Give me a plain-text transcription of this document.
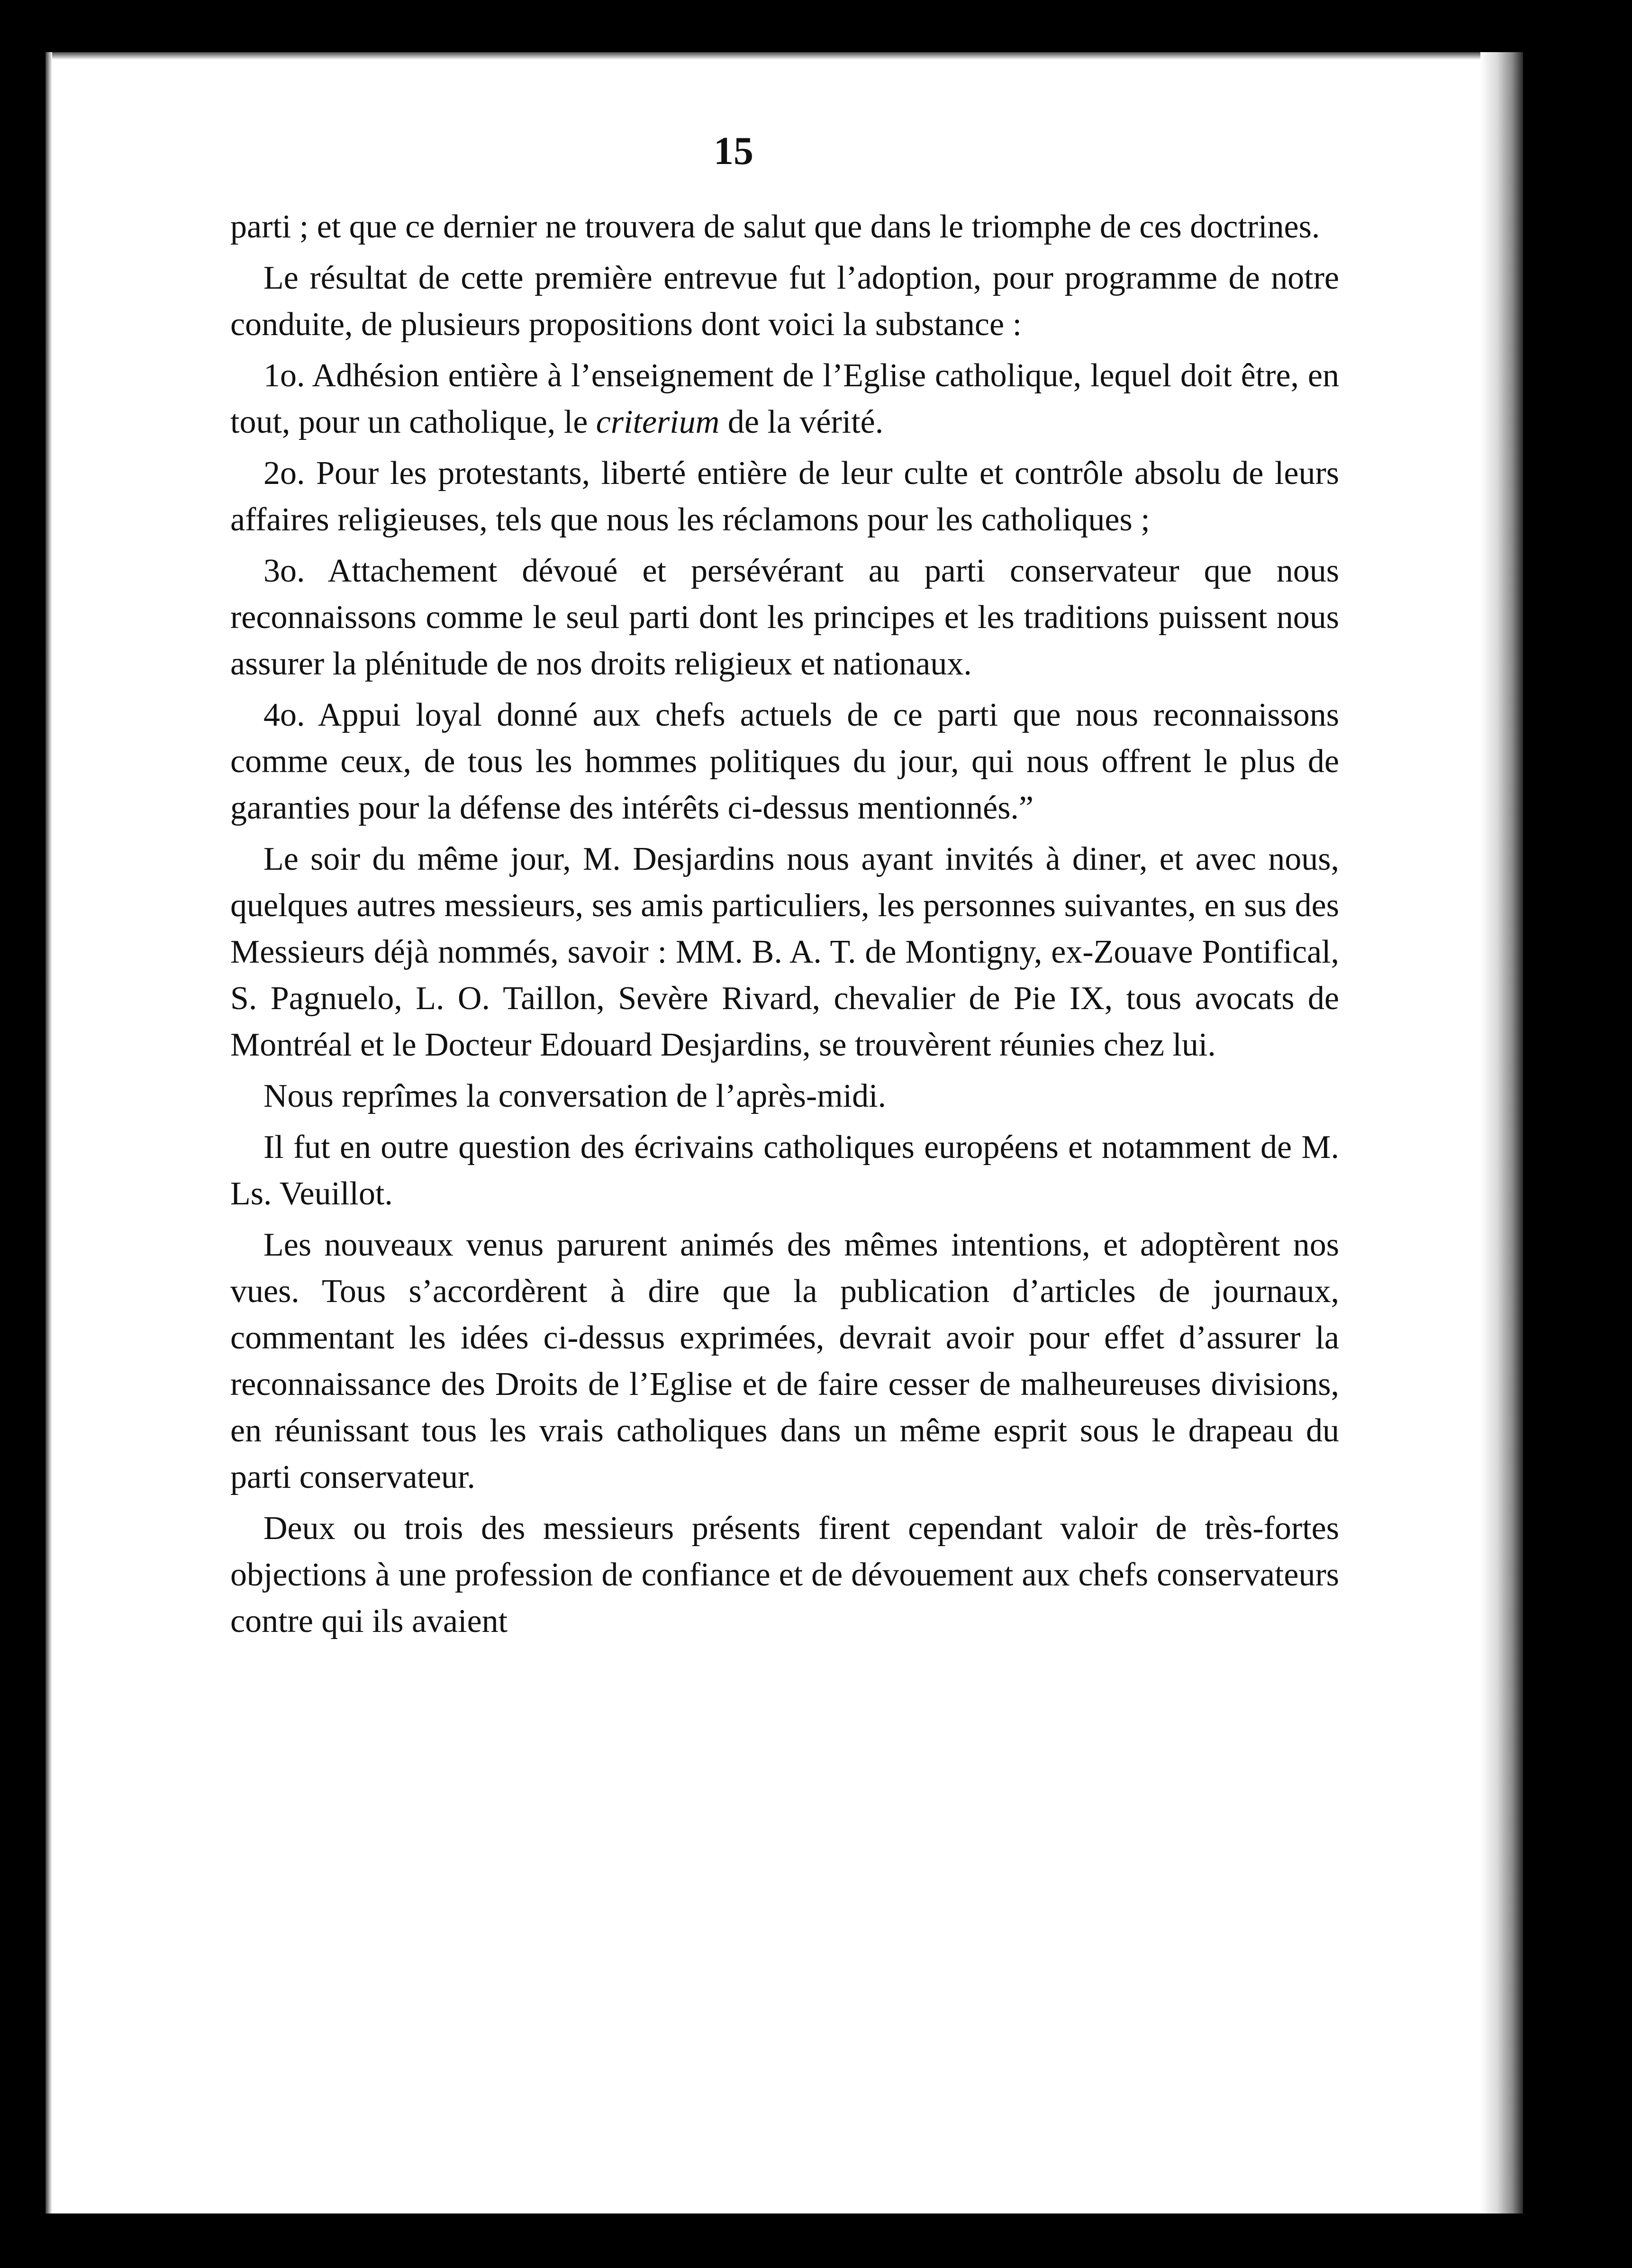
15

parti ; et que ce dernier ne trouvera de salut que dans le triomphe de ces doctrines.

Le résultat de cette première entrevue fut l’adoption, pour programme de notre conduite, de plusieurs propositions dont voici la substance :

1o. Adhésion entière à l’enseignement de l’Eglise catholique, lequel doit être, en tout, pour un catholique, le criterium de la vérité.

2o. Pour les protestants, liberté entière de leur culte et contrôle absolu de leurs affaires religieuses, tels que nous les réclamons pour les catholiques ;

3o. Attachement dévoué et persévérant au parti conservateur que nous reconnaissons comme le seul parti dont les principes et les traditions puissent nous assurer la plénitude de nos droits religieux et nationaux.

4o. Appui loyal donné aux chefs actuels de ce parti que nous reconnaissons comme ceux, de tous les hommes politiques du jour, qui nous offrent le plus de garanties pour la défense des intérêts ci-dessus mentionnés.”

Le soir du même jour, M. Desjardins nous ayant invités à diner, et avec nous, quelques autres messieurs, ses amis particuliers, les personnes suivantes, en sus des Messieurs déjà nommés, savoir : MM. B. A. T. de Montigny, ex-Zouave Pontifical, S. Pagnuelo, L. O. Taillon, Sevère Rivard, chevalier de Pie IX, tous avocats de Montréal et le Docteur Edouard Desjardins, se trouvèrent réunies chez lui.

Nous reprîmes la conversation de l’après-midi.

Il fut en outre question des écrivains catholiques européens et notamment de M. Ls. Veuillot.

Les nouveaux venus parurent animés des mêmes intentions, et adoptèrent nos vues. Tous s’accordèrent à dire que la publication d’articles de journaux, commentant les idées ci-dessus exprimées, devrait avoir pour effet d’assurer la reconnaissance des Droits de l’Eglise et de faire cesser de malheureuses divisions, en réunissant tous les vrais catholiques dans un même esprit sous le drapeau du parti conservateur.

Deux ou trois des messieurs présents firent cependant valoir de très-fortes objections à une profession de confiance et de dévouement aux chefs conservateurs contre qui ils avaient
